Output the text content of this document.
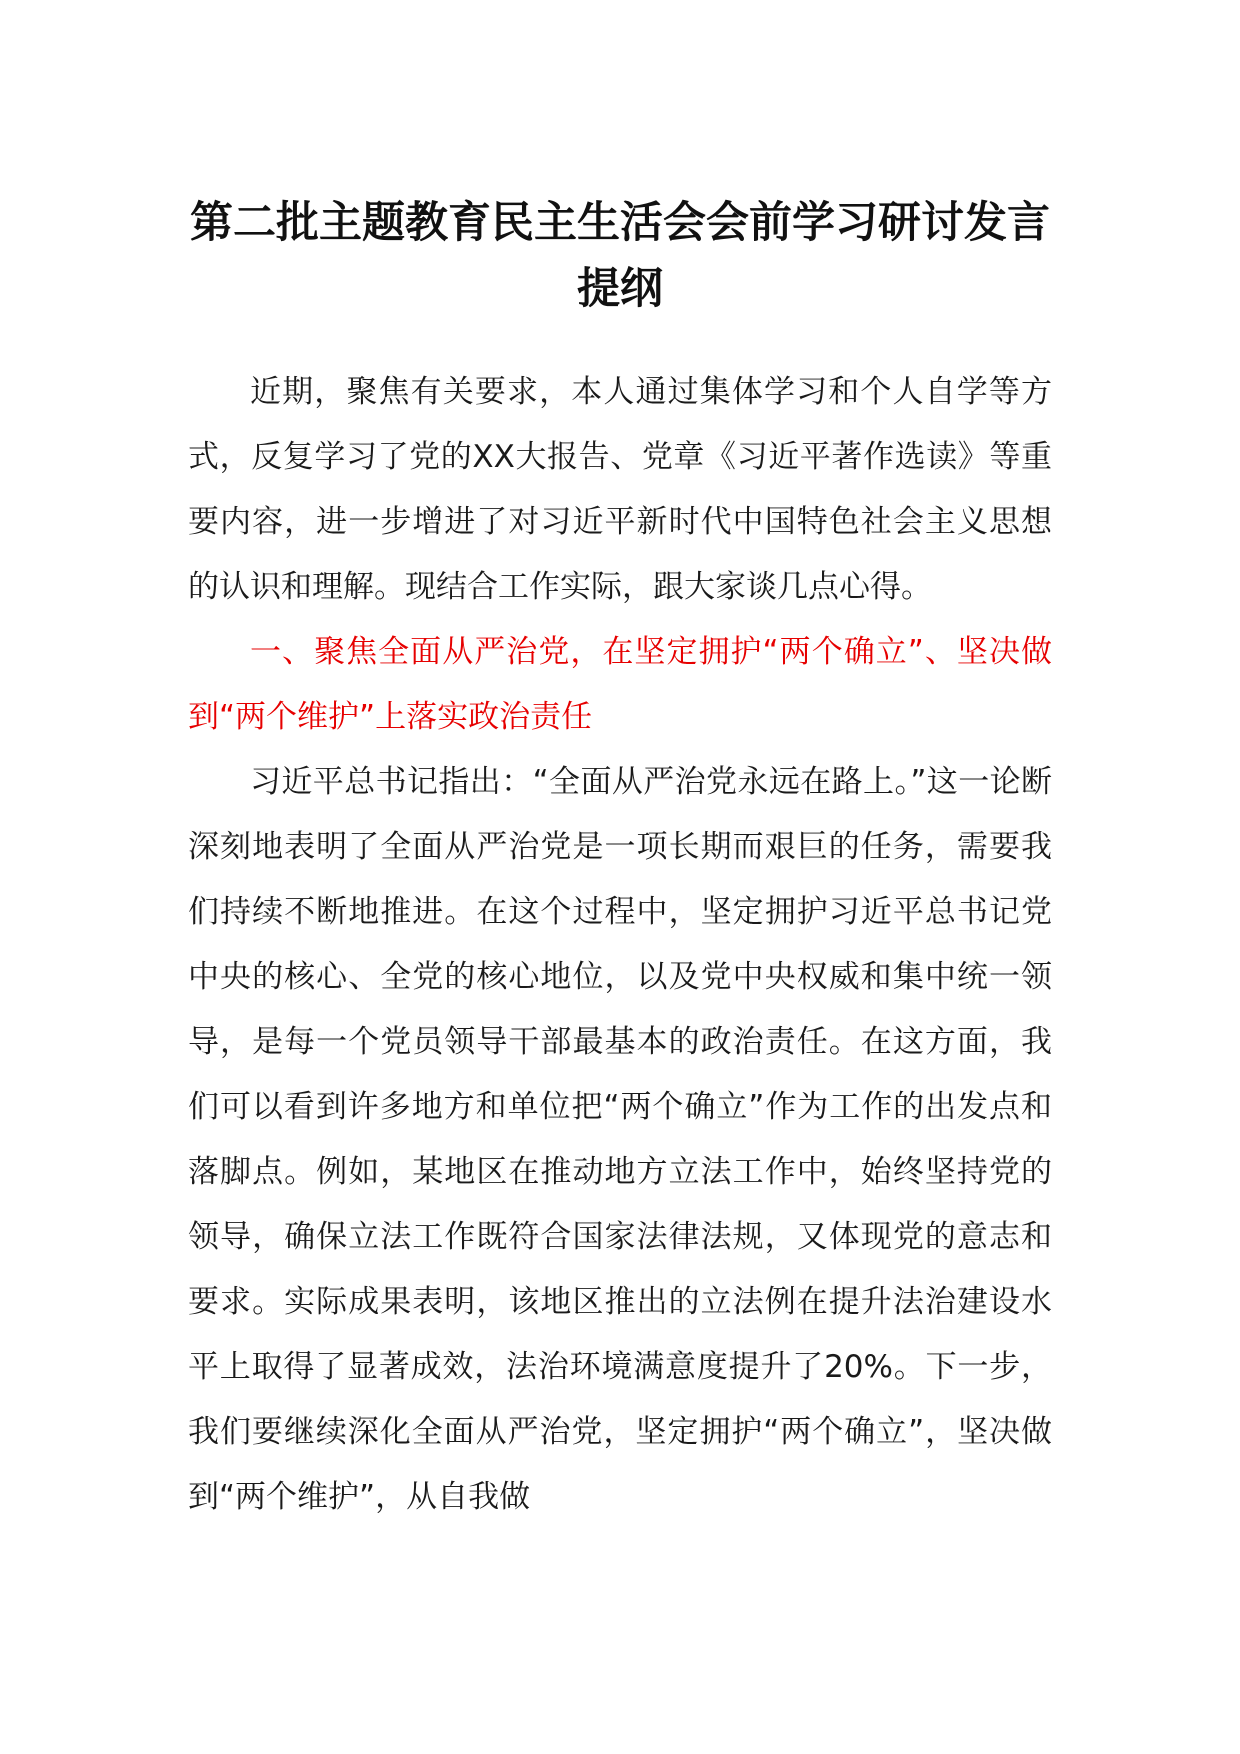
第二批主题教育民主生活会会前学习研讨发言提纲

近期，聚焦有关要求，本人通过集体学习和个人自学等方式，反复学习了党的XX大报告、党章《习近平著作选读》等重要内容，进一步增进了对习近平新时代中国特色社会主义思想的认识和理解。现结合工作实际，跟大家谈几点心得。

一、聚焦全面从严治党，在坚定拥护“两个确立”、坚决做到“两个维护”上落实政治责任

习近平总书记指出：“全面从严治党永远在路上。”这一论断深刻地表明了全面从严治党是一项长期而艰巨的任务，需要我们持续不断地推进。在这个过程中，坚定拥护习近平总书记党中央的核心、全党的核心地位，以及党中央权威和集中统一领导，是每一个党员领导干部最基本的政治责任。在这方面，我们可以看到许多地方和单位把“两个确立”作为工作的出发点和落脚点。例如，某地区在推动地方立法工作中，始终坚持党的领导，确保立法工作既符合国家法律法规，又体现党的意志和要求。实际成果表明，该地区推出的立法例在提升法治建设水平上取得了显著成效，法治环境满意度提升了20%。下一步，我们要继续深化全面从严治党，坚定拥护“两个确立”，坚决做到“两个维护”，从自我做
